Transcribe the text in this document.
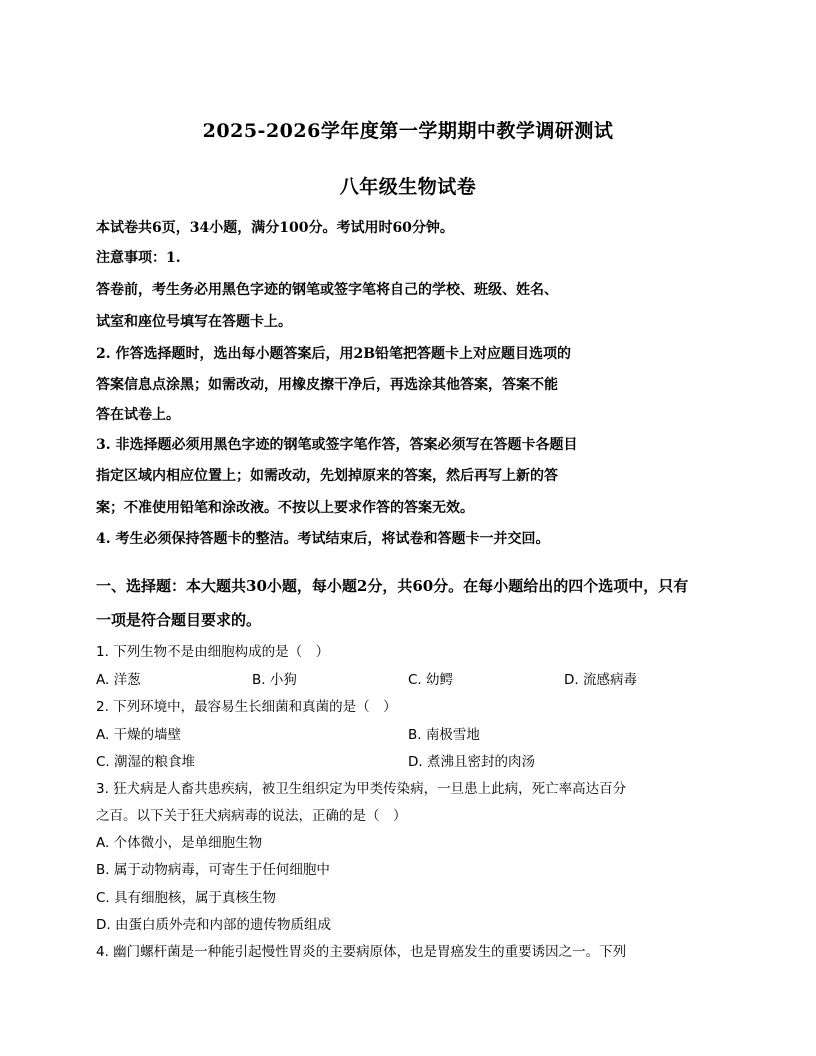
2025-2026学年度第一学期期中教学调研测试
八年级生物试卷
本试卷共6页，34小题，满分100分。考试用时60分钟。
注意事项：1.
答卷前，考生务必用黑色字迹的钢笔或签字笔将自己的学校、班级、姓名、
试室和座位号填写在答题卡上。
2. 作答选择题时，选出每小题答案后，用2B铅笔把答题卡上对应题目选项的
答案信息点涂黑；如需改动，用橡皮擦干净后，再选涂其他答案，答案不能
答在试卷上。
3. 非选择题必须用黑色字迹的钢笔或签字笔作答，答案必须写在答题卡各题目
指定区域内相应位置上；如需改动，先划掉原来的答案，然后再写上新的答
案；不准使用铅笔和涂改液。不按以上要求作答的答案无效。
4. 考生必须保持答题卡的整洁。考试结束后，将试卷和答题卡一并交回。
一、选择题：本大题共30小题，每小题2分，共60分。在每小题给出的四个选项中，只有
一项是符合题目要求的。
1. 下列生物不是由细胞构成的是（　）
A. 洋葱	B. 小狗	C. 幼鳄	D. 流感病毒
2. 下列环境中，最容易生长细菌和真菌的是（　）
A. 干燥的墙壁	B. 南极雪地
C. 潮湿的粮食堆	D. 煮沸且密封的肉汤
3. 狂犬病是人畜共患疾病，被卫生组织定为甲类传染病，一旦患上此病，死亡率高达百分
之百。以下关于狂犬病病毒的说法，正确的是（　）
A. 个体微小，是单细胞生物
B. 属于动物病毒，可寄生于任何细胞中
C. 具有细胞核，属于真核生物
D. 由蛋白质外壳和内部的遗传物质组成
4. 幽门螺杆菌是一种能引起慢性胃炎的主要病原体，也是胃癌发生的重要诱因之一。下列
